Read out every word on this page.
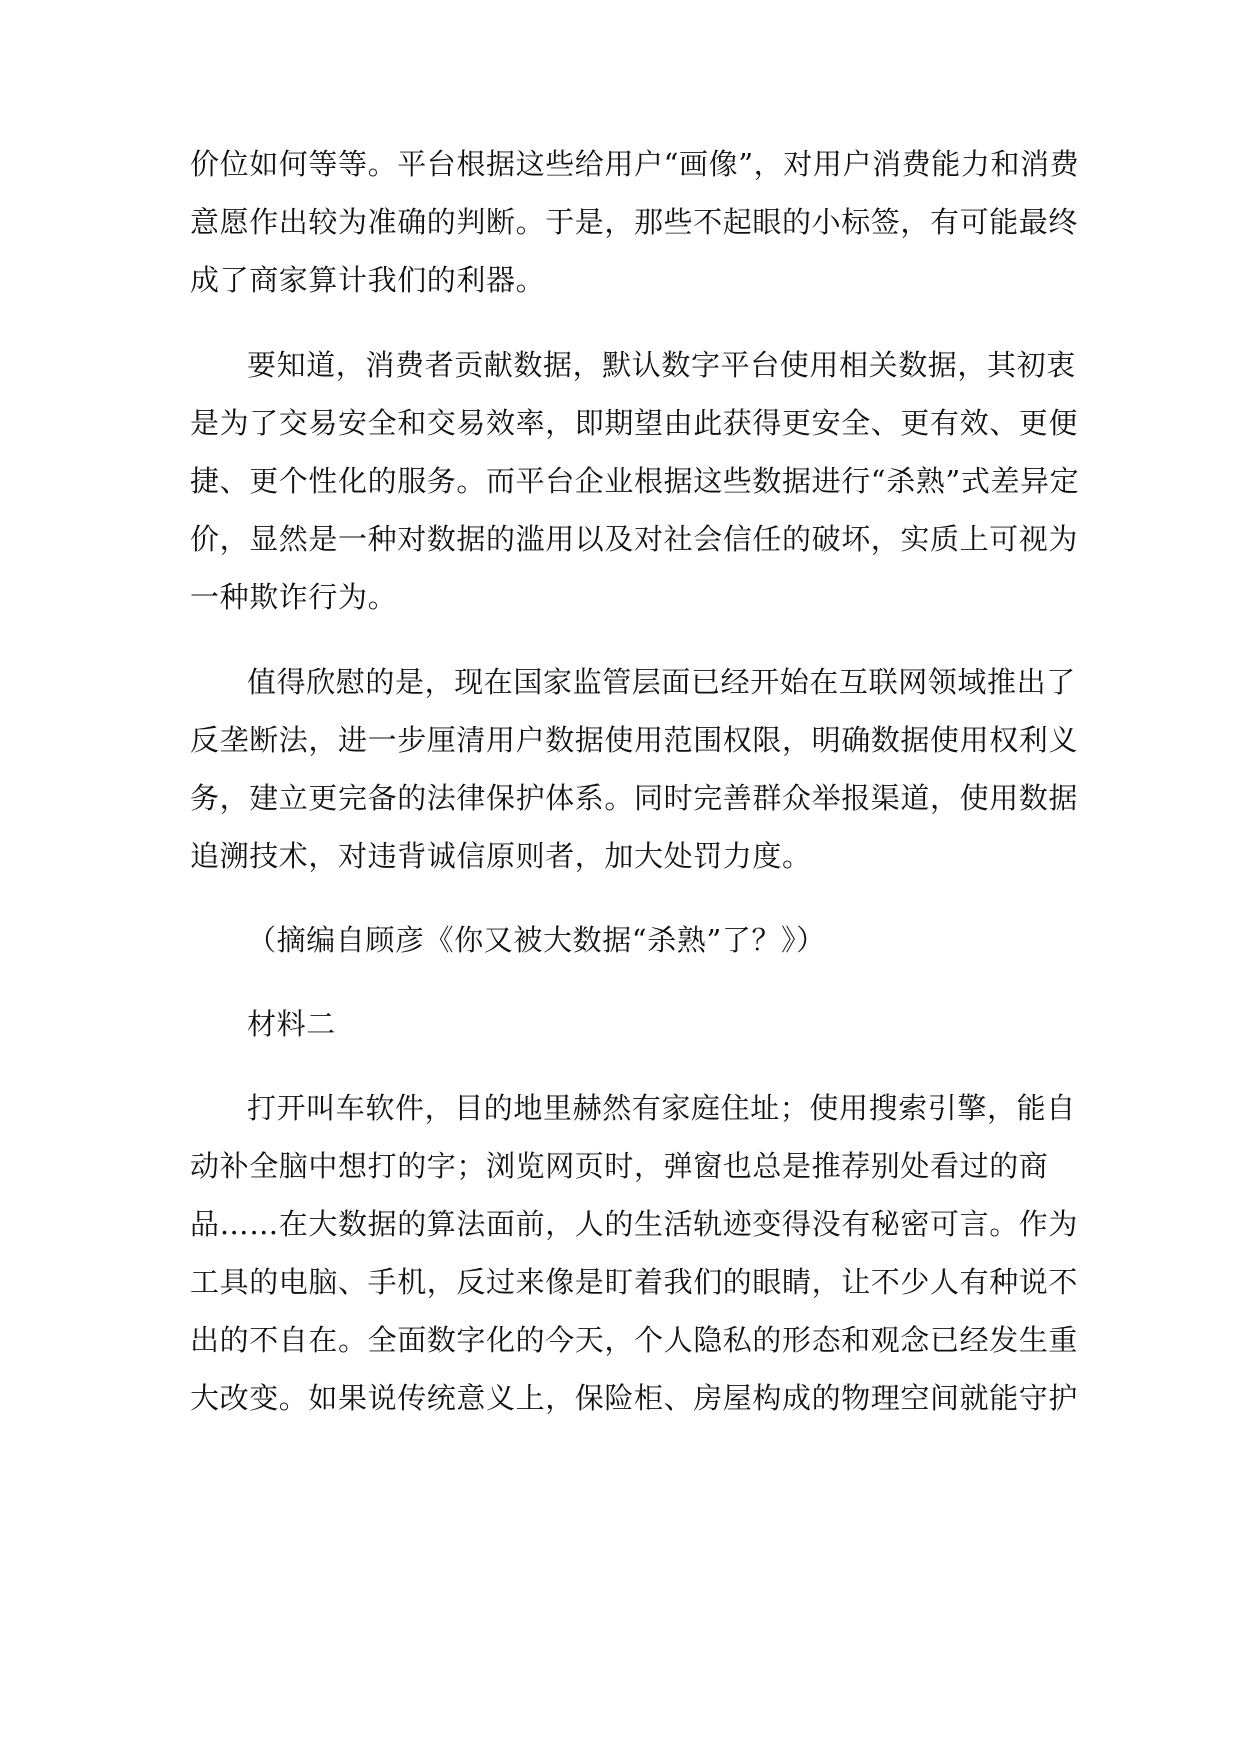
价位如何等等。平台根据这些给用户“画像”，对用户消费能力和消费
意愿作出较为准确的判断。于是，那些不起眼的小标签，有可能最终
成了商家算计我们的利器。
要知道，消费者贡献数据，默认数字平台使用相关数据，其初衷
是为了交易安全和交易效率，即期望由此获得更安全、更有效、更便
捷、更个性化的服务。而平台企业根据这些数据进行“杀熟”式差异定
价，显然是一种对数据的滥用以及对社会信任的破坏，实质上可视为
一种欺诈行为。
值得欣慰的是，现在国家监管层面已经开始在互联网领域推出了
反垄断法，进一步厘清用户数据使用范围权限，明确数据使用权利义
务，建立更完备的法律保护体系。同时完善群众举报渠道，使用数据
追溯技术，对违背诚信原则者，加大处罚力度。
（摘编自顾彦《你又被大数据“杀熟”了？》）
材料二
打开叫车软件，目的地里赫然有家庭住址；使用搜索引擎，能自
动补全脑中想打的字；浏览网页时，弹窗也总是推荐别处看过的商
品……在大数据的算法面前，人的生活轨迹变得没有秘密可言。作为
工具的电脑、手机，反过来像是盯着我们的眼睛，让不少人有种说不
出的不自在。全面数字化的今天，个人隐私的形态和观念已经发生重
大改变。如果说传统意义上，保险柜、房屋构成的物理空间就能守护
